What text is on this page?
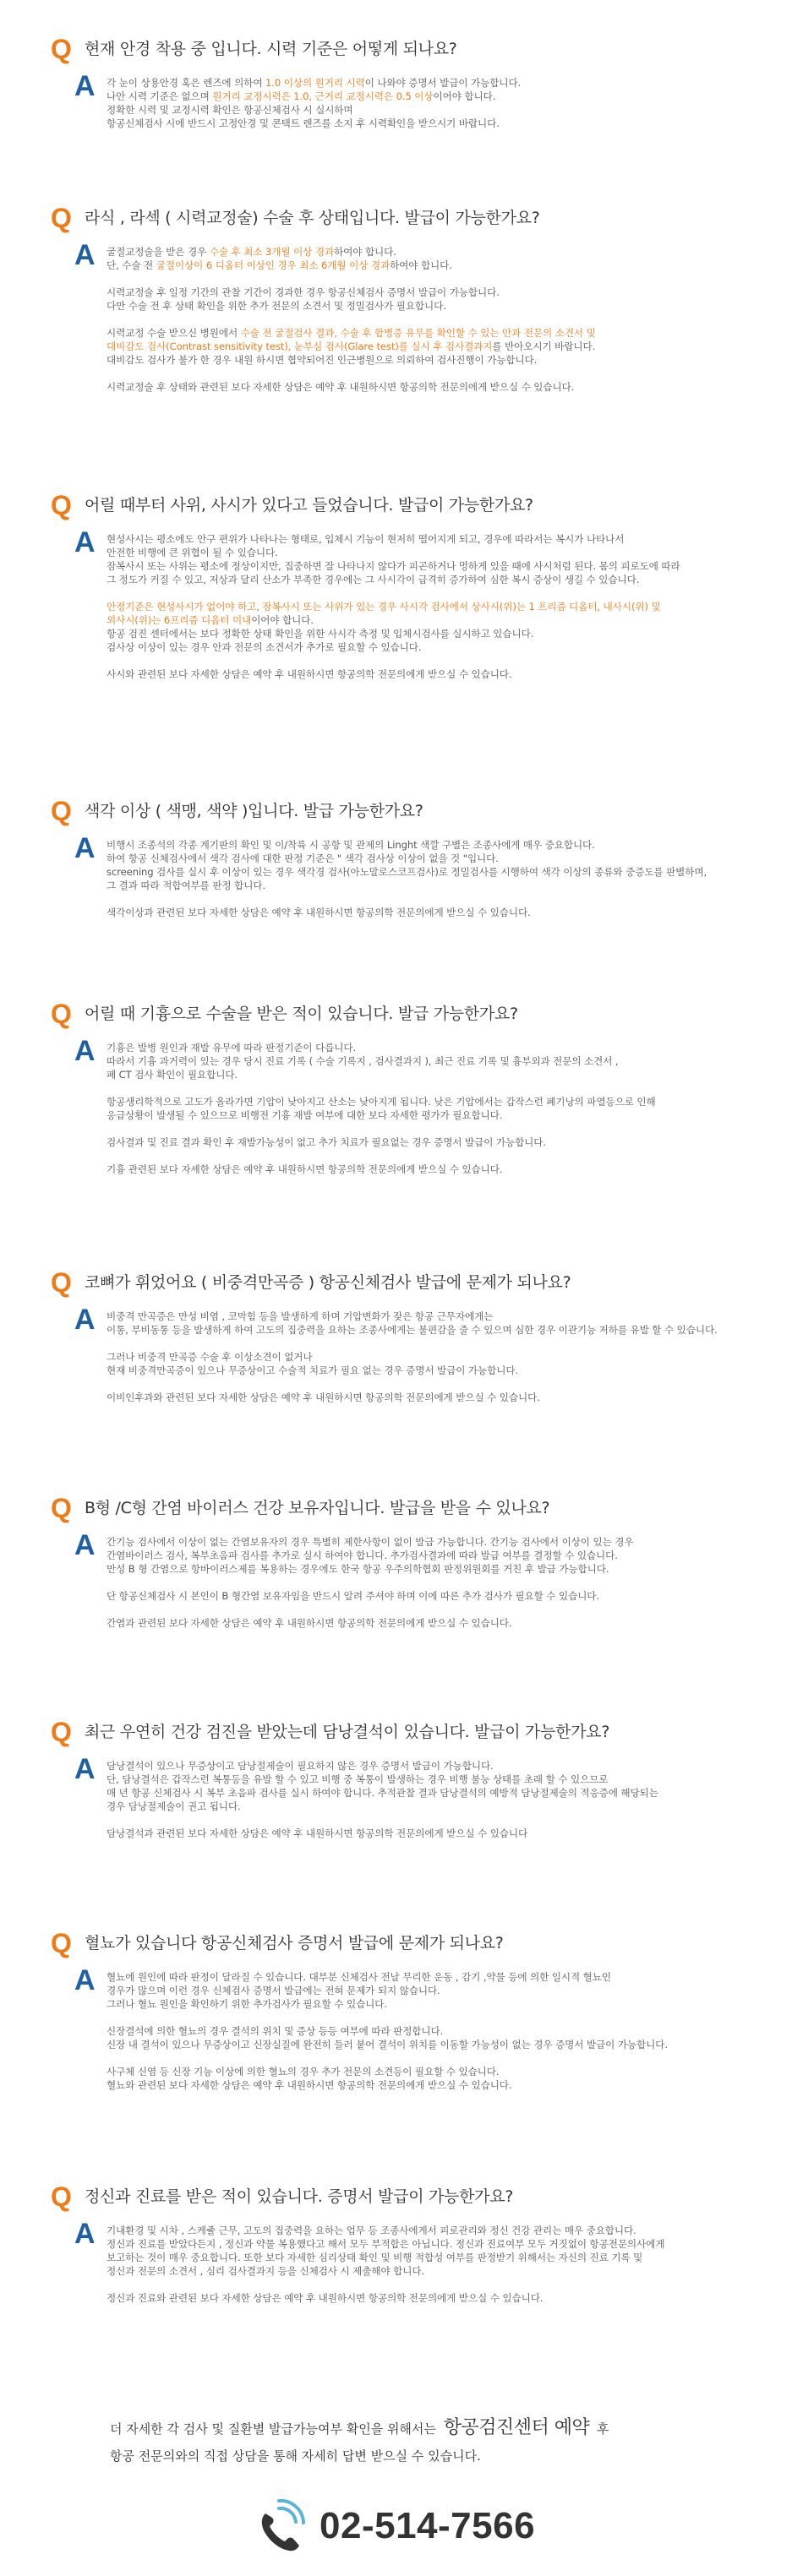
Q 현재 안경 착용 중 입니다. 시력 기준은 어떻게 되나요?
A 각 눈이 상용안경 혹은 렌즈에 의하여 1.0 이상의 원거리 시력이 나와야 증명서 발급이 가능합니다.
나안 시력 기준은 없으며 원거리 교정시력은 1.0, 근거리 교정시력은 0.5 이상이어야 합니다.
정확한 시력 및 교정시력 확인은 항공신체검사 시 실시하며
항공신체검사 시에 반드시 고정안경 및 콘택트 렌즈를 소지 후 시력확인을 받으시기 바랍니다.
Q 라식 , 라섹 ( 시력교정술) 수술 후 상태입니다. 발급이 가능한가요?
A 굴절교정술을 받은 경우 수술 후 최소 3개월 이상 경과하여야 합니다.
단, 수술 전 굴절이상이 6 디옵터 이상인 경우 최소 6개월 이상 경과하여야 합니다.
시력교정술 후 일정 기간의 관찰 기간이 경과한 경우 항공신체검사 증명서 발급이 가능합니다.
다만 수술 전 후 상태 확인을 위한 추가 전문의 소견서 및 정밀검사가 필요합니다.
시력교정 수술 받으신 병원에서 수술 전 굴절검사 결과, 수술 후 합병증 유무를 확인할 수 있는 안과 전문의 소견서 및
대비감도 검사(Contrast sensitivity test), 눈부심 검사(Glare test)를 실시 후 검사결과지를 반아오시기 바랍니다.
대비감도 검사가 불가 한 경우 내원 하시면 협약되어진 인근병원으로 의뢰하여 검사진행이 가능합니다.
시력교정술 후 상태와 관련된 보다 자세한 상담은 예약 후 내원하시면 항공의학 전문의에게 받으실 수 있습니다.
Q 어릴 때부터 사위, 사시가 있다고 들었습니다. 발급이 가능한가요?
A 현성사시는 평소에도 안구 편위가 나타나는 형태로, 입체시 기능이 현저히 떨어지게 되고, 경우에 따라서는 복시가 나타나서
안전한 비행에 큰 위협이 될 수 있습니다.
잠복사시 또는 사위는 평소에 정상이지만, 집중하면 잘 나타나지 않다가 피곤하거나 멍하게 있을 때에 사시처럼 된다. 몸의 피로도에 따라
그 정도가 커질 수 있고, 저상과 달리 산소가 부족한 경우에는 그 사시각이 급격히 증가하여 심한 복시 증상이 생길 수 있습니다.
안정기준은 현성사시가 없어야 하고, 잠복사시 또는 사위가 있는 경우 사시각 검사에서 상사시(위)는 1 프리즘 디옵터, 내사시(위) 및
외사시(위)는 6프리즘 디옵터 미내이어야 합니다.
항공 검진 센터에서는 보다 정확한 상태 확인을 위한 사시각 측정 및 입체시검사를 실시하고 있습니다.
검사상 이상이 있는 경우 안과 전문의 소견서가 추가로 필요할 수 있습니다.
사시와 관련된 보다 자세한 상담은 예약 후 내원하시면 항공의학 전문의에게 받으실 수 있습니다.
Q 색각 이상 ( 색맹, 색약 )입니다. 발급 가능한가요?
A 비행시 조종석의 각종 계기판의 확인 및 이/착륙 시 공항 및 관제의 Linght 색깔 구별은 조종사에게 매우 중요합니다.
하여 항공 신체검사에서 색각 검사에 대한 판정 기준은 " 색각 검사상 이상이 없을 것 "입니다.
screening 검사를 실시 후 이상이 있는 경우 색각경 검사(아노말로스코프검사)로 정밀검사를 시행하여 색각 이상의 종류와 중증도를 판별하며,
그 결과 따라 적합여부를 판정 합니다.
색각이상과 관련된 보다 자세한 상담은 예약 후 내원하시면 항공의학 전문의에게 받으실 수 있습니다.
Q 어릴 때 기흉으로 수술을 받은 적이 있습니다. 발급 가능한가요?
A 기흉은 발병 원인과 재발 유무에 따라 판정기준이 다릅니다.
따라서 기흉 과거력이 있는 경우 당시 진료 기록 ( 수술 기록지 , 검사결과지 ), 최근 진료 기록 및 흉부외과 전문의 소견서 ,
폐 CT 검사 확인이 필요합니다.
항공생리학적으로 고도가 올라가면 기압이 낮아지고 산소는 낮아지게 됩니다. 낮은 기압에서는 갑작스런 폐기낭의 파열등으로 인해
응급상황이 발생될 수 있으므로 비행전 기흉 재발 여부에 대한 보다 자세한 평가가 필요합니다.
검사결과 및 진료 결과 확인 후 재발가능성이 없고 추가 치료가 필요없는 경우 증명서 발급이 가능합니다.
기흉 관련된 보다 자세한 상담은 예약 후 내원하시면 항공의학 전문의에게 받으실 수 있습니다.
Q 코뼈가 휘었어요 ( 비중격만곡증 ) 항공신체검사 발급에 문제가 되나요?
A 비중격 만곡증은 만성 비염 , 코막힘 등을 발생하게 하며 기압변화가 잦은 항공 근무자에게는
이통, 부비동통 등을 발생하게 하여 고도의 집중력을 요하는 조종사에게는 불편감을 줄 수 있으며 심한 경우 이관기능 저하를 유발 할 수 있습니다.
그러나 비중격 만곡증 수술 후 이상소견이 없거나
현재 비중격만곡증이 있으나 무증상이고 수술적 치료가 필요 없는 경우 증명서 발급이 가능합니다.
이비인후과와 관련된 보다 자세한 상담은 예약 후 내원하시면 항공의학 전문의에게 받으실 수 있습니다.
Q B형 /C형 간염 바이러스 건강 보유자입니다. 발급을 받을 수 있나요?
A 간기능 검사에서 이상이 없는 간염보유자의 경우 특별히 제한사항이 없이 발급 가능합니다. 간기능 검사에서 이상이 있는 경우
간염바이러스 검사, 복부초음파 검사를 추가로 실시 하여야 합니다. 추가검사결과에 따라 발급 여부를 결정할 수 있습니다.
만성 B 형 간염으로 항바이러스제를 복용하는 경우에도 한국 항공 우주의학협회 판정위원회를 거친 후 발급 가능합니다.
단 항공신체검사 시 본인이 B 형간염 보유자임을 반드시 알려 주셔야 하며 이에 따른 추가 검사가 필요할 수 있습니다.
간염과 관련된 보다 자세한 상담은 예약 후 내원하시면 항공의학 전문의에게 받으실 수 있습니다.
Q 최근 우연히 건강 검진을 받았는데 담낭결석이 있습니다. 발급이 가능한가요?
A 담낭결석이 있으나 무증상이고 담낭절제술이 필요하지 않은 경우 증명서 발급이 가능합니다.
단, 담낭결석은 갑작스런 복통등을 유발 할 수 있고 비행 중 복통이 발생하는 경우 비행 불능 상태를 초래 할 수 있으므로
매 년 항공 신체검사 시 복부 초음파 검사를 실시 하여야 합니다. 추적관찰 결과 담낭결석의 예방적 담낭절제술의 적응증에 해당되는
경우 담낭절제술이 권고 됩니다.
담낭결석과 관련된 보다 자세한 상담은 예약 후 내원하시면 항공의학 전문의에게 받으실 수 있습니다
Q 혈뇨가 있습니다 항공신체검사 증명서 발급에 문제가 되나요?
A 혈뇨에 원인에 따라 판정이 달라질 수 있습니다. 대부분 신체검사 전날 무리한 운동 , 감기 ,약물 등에 의한 일시적 혈뇨인
경우가 많으며 이런 경우 신체검사 증명서 발급에는 전혀 문제가 되지 않습니다.
그러나 혈뇨 원인을 확인하기 위한 추가검사가 필요할 수 있습니다.
신장결석에 의한 혈뇨의 경우 결석의 위치 및 증상 등등 여부에 따라 판정합니다.
신장 내 결석이 있으나 무증상이고 신장실질에 완전히 들러 붙어 결석이 위치를 이동할 가능성이 없는 경우 증명서 발급이 가능합니다.
사구체 신염 등 신장 기능 이상에 의한 혈뇨의 경우 추가 전문의 소견등이 필요할 수 있습니다.
혈뇨와 관련된 보다 자세한 상담은 예약 후 내원하시면 항공의학 전문의에게 받으실 수 있습니다.
Q 정신과 진료를 받은 적이 있습니다. 증명서 발급이 가능한가요?
A 기내환경 및 시차 , 스케쥴 근무, 고도의 집중력을 요하는 업무 등 조종사에게서 피로관리와 정신 건강 관리는 매우 중요합니다.
정신과 진료를 받았다든지 , 정신과 약물 복용했다고 해서 모두 부적합은 아닙니다. 정신과 진료여부 모두 거짓없이 항공전문의사에게
보고하는 것이 매우 중요합니다. 또한 보다 자세한 심리상태 확인 및 비행 적합성 여부를 판정받기 위해서는 자신의 진료 기록 및
정신과 전문의 소견서 , 심리 검사결과지 등을 신체검사 시 제출해야 합니다.
정신과 진료와 관련된 보다 자세한 상담은 예약 후 내원하시면 항공의학 전문의에게 받으실 수 있습니다.
더 자세한 각 검사 및 질환별 발급가능여부 확인을 위해서는 항공검진센터 예약 후
항공 전문의와의 직접 상담을 통해 자세히 답변 받으실 수 있습니다.
02-514-7566
